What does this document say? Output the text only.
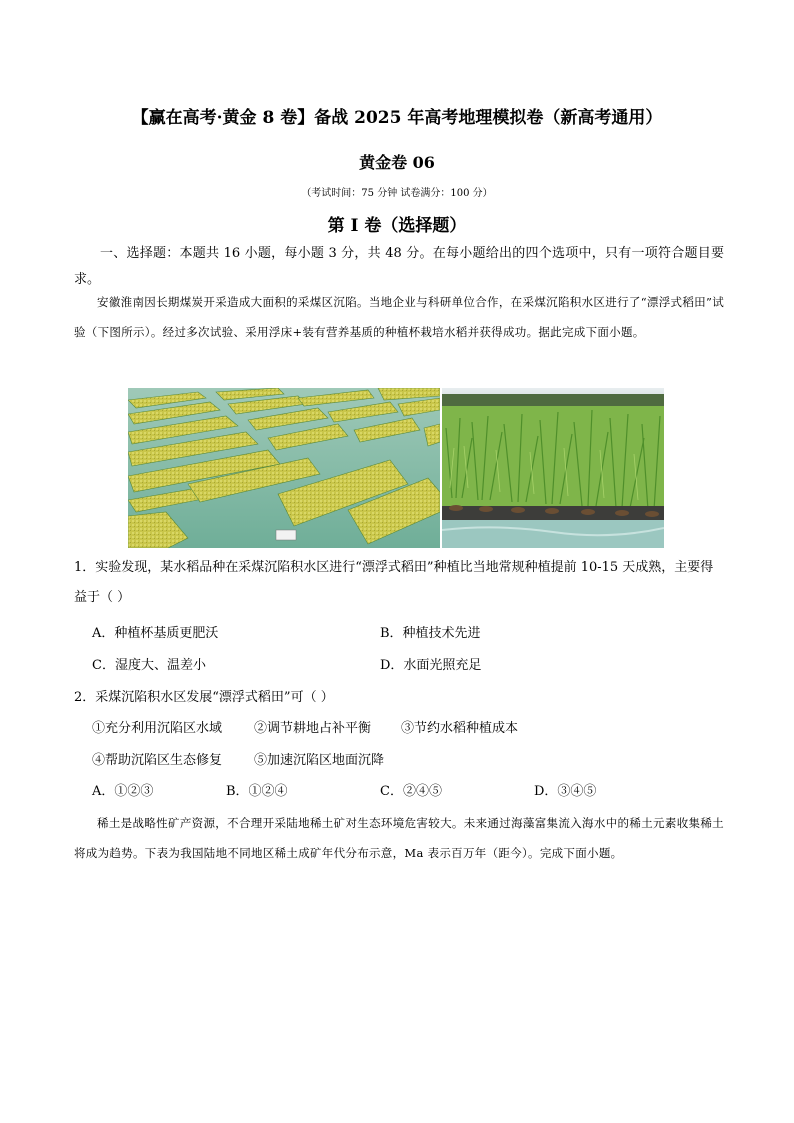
【赢在高考·黄金 8 卷】备战 2025 年高考地理模拟卷（新高考通用）
黄金卷 06
（考试时间：75 分钟 试卷满分：100 分）
第 I 卷（选择题）
一、选择题：本题共 16 小题，每小题 3 分，共 48 分。在每小题给出的四个选项中，只有一项符合题目要求。
安徽淮南因长期煤炭开采造成大面积的采煤区沉陷。当地企业与科研单位合作，在采煤沉陷积水区进行了“漂浮式稻田”试验（下图所示）。经过多次试验、采用浮床+装有营养基质的种植杯栽培水稻并获得成功。据此完成下面小题。
1．实验发现，某水稻品种在采煤沉陷积水区进行“漂浮式稻田”种植比当地常规种植提前 10-15 天成熟，主要得益于（ ）
A．种植杯基质更肥沃	B．种植技术先进
C．湿度大、温差小	D．水面光照充足
2．采煤沉陷积水区发展“漂浮式稻田”可（ ）
①充分利用沉陷区水域 ②调节耕地占补平衡 ③节约水稻种植成本
④帮助沉陷区生态修复 ⑤加速沉陷区地面沉降
A．①②③	B．①②④	C．②④⑤	D．③④⑤
稀土是战略性矿产资源，不合理开采陆地稀土矿对生态环境危害较大。未来通过海藻富集流入海水中的稀土元素收集稀土将成为趋势。下表为我国陆地不同地区稀土成矿年代分布示意，Ma 表示百万年（距今）。完成下面小题。
